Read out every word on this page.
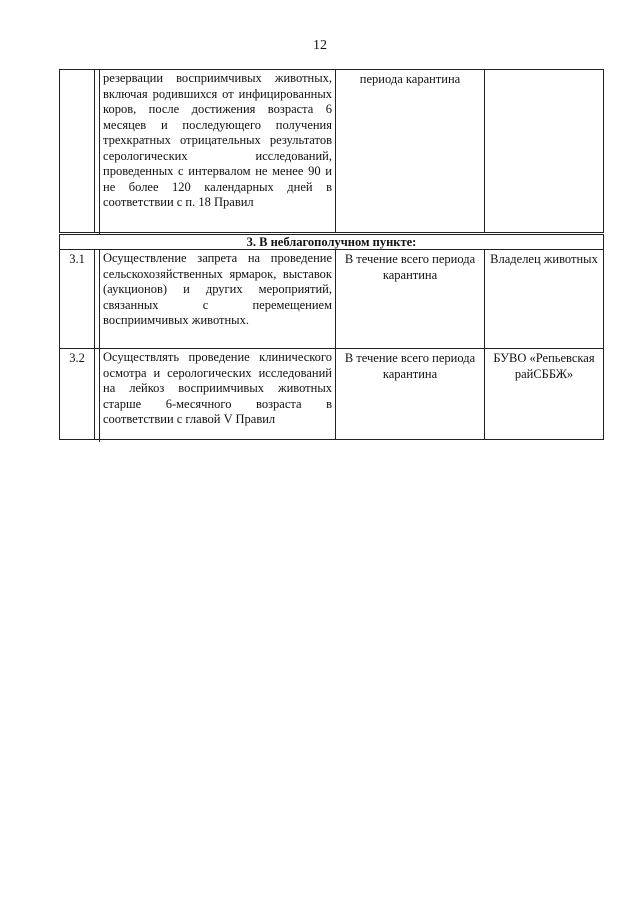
12

	резервации восприимчивых животных, включая родившихся от инфицированных коров, после достижения возраста 6 месяцев и последующего получения трехкратных отрицательных результатов серологических исследований, проведенных с интервалом не менее 90 и не более 120 календарных дней в соответствии с п. 18 Правил	периода карантина	
3. В неблагополучном пункте:			
3.1	Осуществление запрета на проведение сельскохозяйственных ярмарок, выставок (аукционов) и других мероприятий, связанных с перемещением восприимчивых животных.	В течение всего периода карантина	Владелец животных
3.2	Осуществлять проведение клинического осмотра и серологических исследований на лейкоз восприимчивых животных старше 6-месячного возраста в соответствии с главой V Правил	В течение всего периода карантина	БУВО «Репьевская райСББЖ»
